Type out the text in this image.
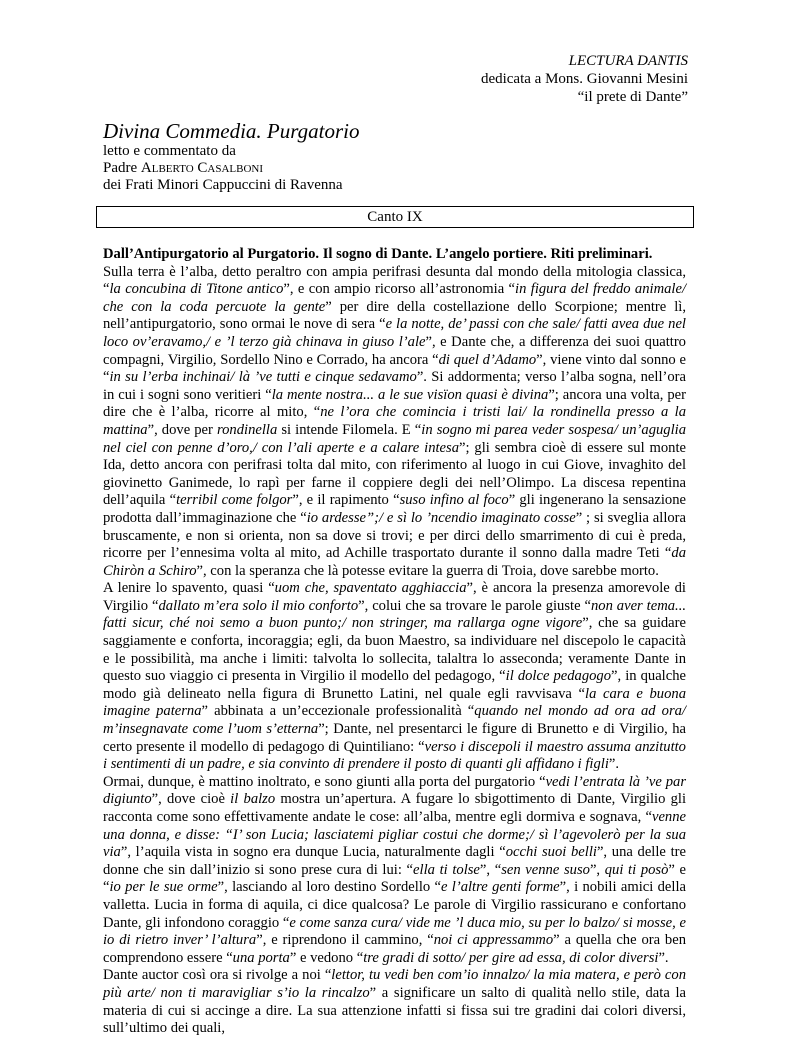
LECTURA DANTIS
dedicata a Mons. Giovanni Mesini
“il prete di Dante”
Divina Commedia. Purgatorio
letto e commentato da
Padre Alberto Casalboni
dei Frati Minori Cappuccini di Ravenna
Canto IX
Dall’Antipurgatorio al Purgatorio. Il sogno di Dante. L’angelo portiere. Riti preliminari.

Sulla terra è l’alba, detto peraltro con ampia perifrasi desunta dal mondo della mitologia classica, “la concubina di Titone antico”, e con ampio ricorso all’astronomia “in figura del freddo animale/ che con la coda percuote la gente” per dire della costellazione dello Scorpione; mentre lì, nell’antipurgatorio, sono ormai le nove di sera “e la notte, de’ passi con che sale/ fatti avea due nel loco ov’eravamo,/ e ’l terzo già chinava in giuso l’ale”, e Dante che, a differenza dei suoi quattro compagni, Virgilio, Sordello Nino e Corrado, ha ancora “di quel d’Adamo”, viene vinto dal sonno e “in su l’erba inchinai/ là ’ve tutti e cinque sedavamo”. Si addormenta; verso l’alba sogna, nell’ora in cui i sogni sono veritieri “la mente nostra... a le sue visïon quasi è divina”; ancora una volta, per dire che è l’alba, ricorre al mito, “ne l’ora che comincia i tristi lai/ la rondinella presso a la mattina”, dove per rondinella si intende Filomela. E “in sogno mi parea veder sospesa/ un’aguglia nel ciel con penne d’oro,/ con l’ali aperte e a calare intesa”; gli sembra cioè di essere sul monte Ida, detto ancora con perifrasi tolta dal mito, con riferimento al luogo in cui Giove, invaghito del giovinetto Ganimede, lo rapì per farne il coppiere degli dei nell’Olimpo. La discesa repentina dell’aquila “terribil come folgor”, e il rapimento “suso infino al foco” gli ingenerano la sensazione prodotta dall’immaginazione che “io ardesse”;/ e sì lo ’ncendio imaginato cosse” ; si sveglia allora bruscamente, e non si orienta, non sa dove si trovi; e per dirci dello smarrimento di cui è preda, ricorre per l’ennesima volta al mito, ad Achille trasportato durante il sonno dalla madre Teti “da Chiròn a Schiro”, con la speranza che là potesse evitare la guerra di Troia, dove sarebbe morto.

A lenire lo spavento, quasi “uom che, spaventato agghiaccia”, è ancora la presenza amorevole di Virgilio “dallato m’era solo il mio conforto”, colui che sa trovare le parole giuste “non aver tema... fatti sicur, ché noi semo a buon punto;/ non stringer, ma rallarga ogne vigore”, che sa guidare saggiamente e conforta, incoraggia; egli, da buon Maestro, sa individuare nel discepolo le capacità e le possibilità, ma anche i limiti: talvolta lo sollecita, talaltra lo asseconda; veramente Dante in questo suo viaggio ci presenta in Virgilio il modello del pedagogo, “il dolce pedagogo”, in qualche modo già delineato nella figura di Brunetto Latini, nel quale egli ravvisava “la cara e buona imagine paterna” abbinata a un’eccezionale professionalità “quando nel mondo ad ora ad ora/ m’insegnavate come l’uom s’etterna”; Dante, nel presentarci le figure di Brunetto e di Virgilio, ha certo presente il modello di pedagogo di Quintiliano: “verso i discepoli il maestro assuma anzitutto i sentimenti di un padre, e sia convinto di prendere il posto di quanti gli affidano i figli”.

Ormai, dunque, è mattino inoltrato, e sono giunti alla porta del purgatorio “vedi l’entrata là ’ve par digiunto”, dove cioè il balzo mostra un’apertura. A fugare lo sbigottimento di Dante, Virgilio gli racconta come sono effettivamente andate le cose: all’alba, mentre egli dormiva e sognava, “venne una donna, e disse: “I’ son Lucia; lasciatemi pigliar costui che dorme;/ sì l’agevolerò per la sua via”, l’aquila vista in sogno era dunque Lucia, naturalmente dagli “occhi suoi belli”, una delle tre donne che sin dall’inizio si sono prese cura di lui: “ella ti tolse”, “sen venne suso”, qui ti posò” e “io per le sue orme”, lasciando al loro destino Sordello “e l’altre genti forme”, i nobili amici della valletta. Lucia in forma di aquila, ci dice qualcosa? Le parole di Virgilio rassicurano e confortano Dante, gli infondono coraggio “e come sanza cura/ vide me ’l duca mio, su per lo balzo/ si mosse, e io di rietro inver’ l’altura”, e riprendono il cammino, “noi ci appressammo” a quella che ora ben comprendono essere “una porta” e vedono “tre gradi di sotto/ per gire ad essa, di color diversi”.

Dante auctor così ora si rivolge a noi “lettor, tu vedi ben com’io innalzo/ la mia matera, e però con più arte/ non ti maravigliar s’io la rincalzo” a significare un salto di qualità nello stile, data la materia di cui si accinge a dire. La sua attenzione infatti si fissa sui tre gradini dai colori diversi, sull’ultimo dei quali,
